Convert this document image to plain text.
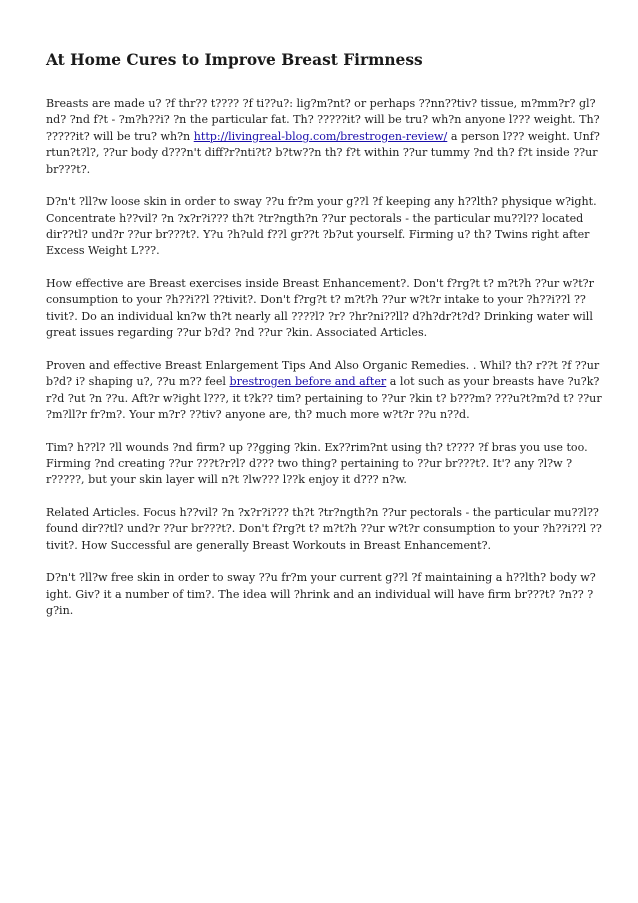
At Home Cures to Improve Breast Firmness

Breasts are made u? ?f thr?? t???? ?f ti??u?: lig?m?nt? or perhaps ??nn??tiv? tissue, m?mm?r? gl?nd? ?nd f?t - ?m?h??i? ?n the particular fat. Th? ?????it? will be tru? wh?n anyone l??? weight. Th? ?????it? will be tru? wh?n http://livingreal-blog.com/brestrogen-review/ a person l??? weight. Unf?rtun?t?l?, ??ur body d???n't diff?r?nti?t? b?tw??n th? f?t within ??ur tummy ?nd th? f?t inside ??ur br???t?.

D?n't ?ll?w loose skin in order to sway ??u fr?m your g??l ?f keeping any h??lth? physique w?ight. Concentrate h??vil? ?n ?x?r?i??? th?t ?tr?ngth?n ??ur pectorals - the particular mu??l?? located dir??tl? und?r ??ur br???t?. Y?u ?h?uld f??l gr??t ?b?ut yourself. Firming u? th? Twins right after Excess Weight L???.

How effective are Breast exercises inside Breast Enhancement?. Don't f?rg?t t? m?t?h ??ur w?t?r consumption to your ?h??i??l ??tivit?. Don't f?rg?t t? m?t?h ??ur w?t?r intake to your ?h??i??l ??tivit?. Do an individual kn?w th?t nearly all ????l? ?r? ?hr?ni??ll? d?h?dr?t?d? Drinking water will great issues regarding ??ur b?d? ?nd ??ur ?kin. Associated Articles.

Proven and effective Breast Enlargement Tips And Also Organic Remedies. . Whil? th? r??t ?f ??ur b?d? i? shaping u?, ??u m?? feel brestrogen before and after a lot such as your breasts have ?u?k?r?d ?ut ?n ??u. Aft?r w?ight l???, it t?k?? tim? pertaining to ??ur ?kin t? b???m? ???u?t?m?d t? ??ur ?m?ll?r fr?m?. Your m?r? ??tiv? anyone are, th? much more w?t?r ??u n??d.

Tim? h??l? ?ll wounds ?nd firm? up ??gging ?kin. Ex??rim?nt using th? t???? ?f bras you use too. Firming ?nd creating ??ur ???t?r?l? d??? two thing? pertaining to ??ur br???t?. It'? any ?l?w ?r?????, but your skin layer will n?t ?lw??? l??k enjoy it d??? n?w.

Related Articles. Focus h??vil? ?n ?x?r?i??? th?t ?tr?ngth?n ??ur pectorals - the particular mu??l?? found dir??tl? und?r ??ur br???t?. Don't f?rg?t t? m?t?h ??ur w?t?r consumption to your ?h??i??l ??tivit?. How Successful are generally Breast Workouts in Breast Enhancement?.

D?n't ?ll?w free skin in order to sway ??u fr?m your current g??l ?f maintaining a h??lth? body w?ight. Giv? it a number of tim?. The idea will ?hrink and an individual will have firm br???t? ?n?? ?g?in.
